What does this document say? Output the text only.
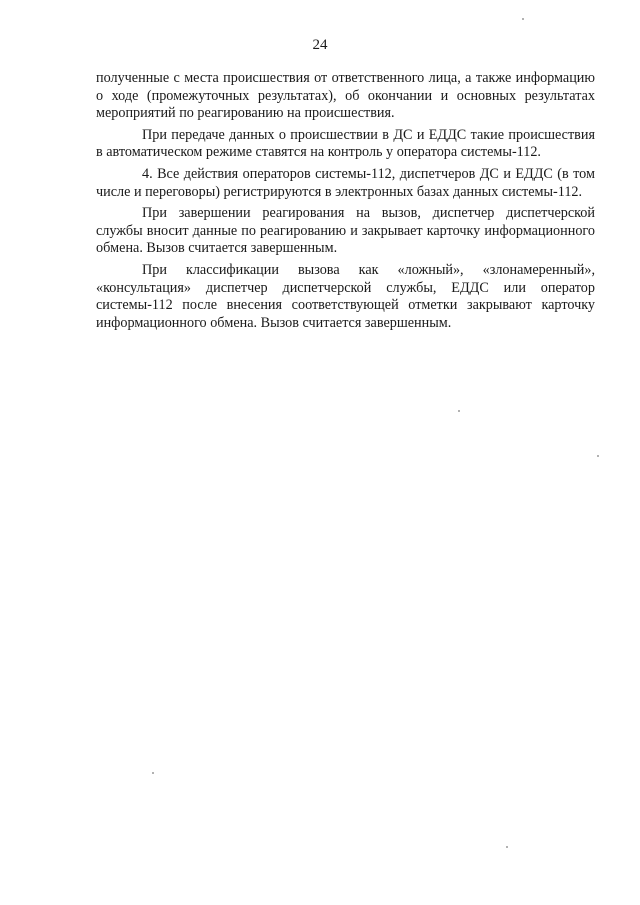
24

полученные с места происшествия от ответственного лица, а также информацию о ходе (промежуточных результатах), об окончании и основных результатах мероприятий по реагированию на происшествия.

При передаче данных о происшествии в ДС и ЕДДС такие происшествия в автоматическом режиме ставятся на контроль у оператора системы-112.

4. Все действия операторов системы-112, диспетчеров ДС и ЕДДС (в том числе и переговоры) регистрируются в электронных базах данных системы-112.

При завершении реагирования на вызов, диспетчер диспетчерской службы вносит данные по реагированию и закрывает карточку информационного обмена. Вызов считается завершенным.

При классификации вызова как «ложный», «злонамеренный», «консультация» диспетчер диспетчерской службы, ЕДДС или оператор системы-112 после внесения соответствующей отметки закрывают карточку информационного обмена. Вызов считается завершенным.
